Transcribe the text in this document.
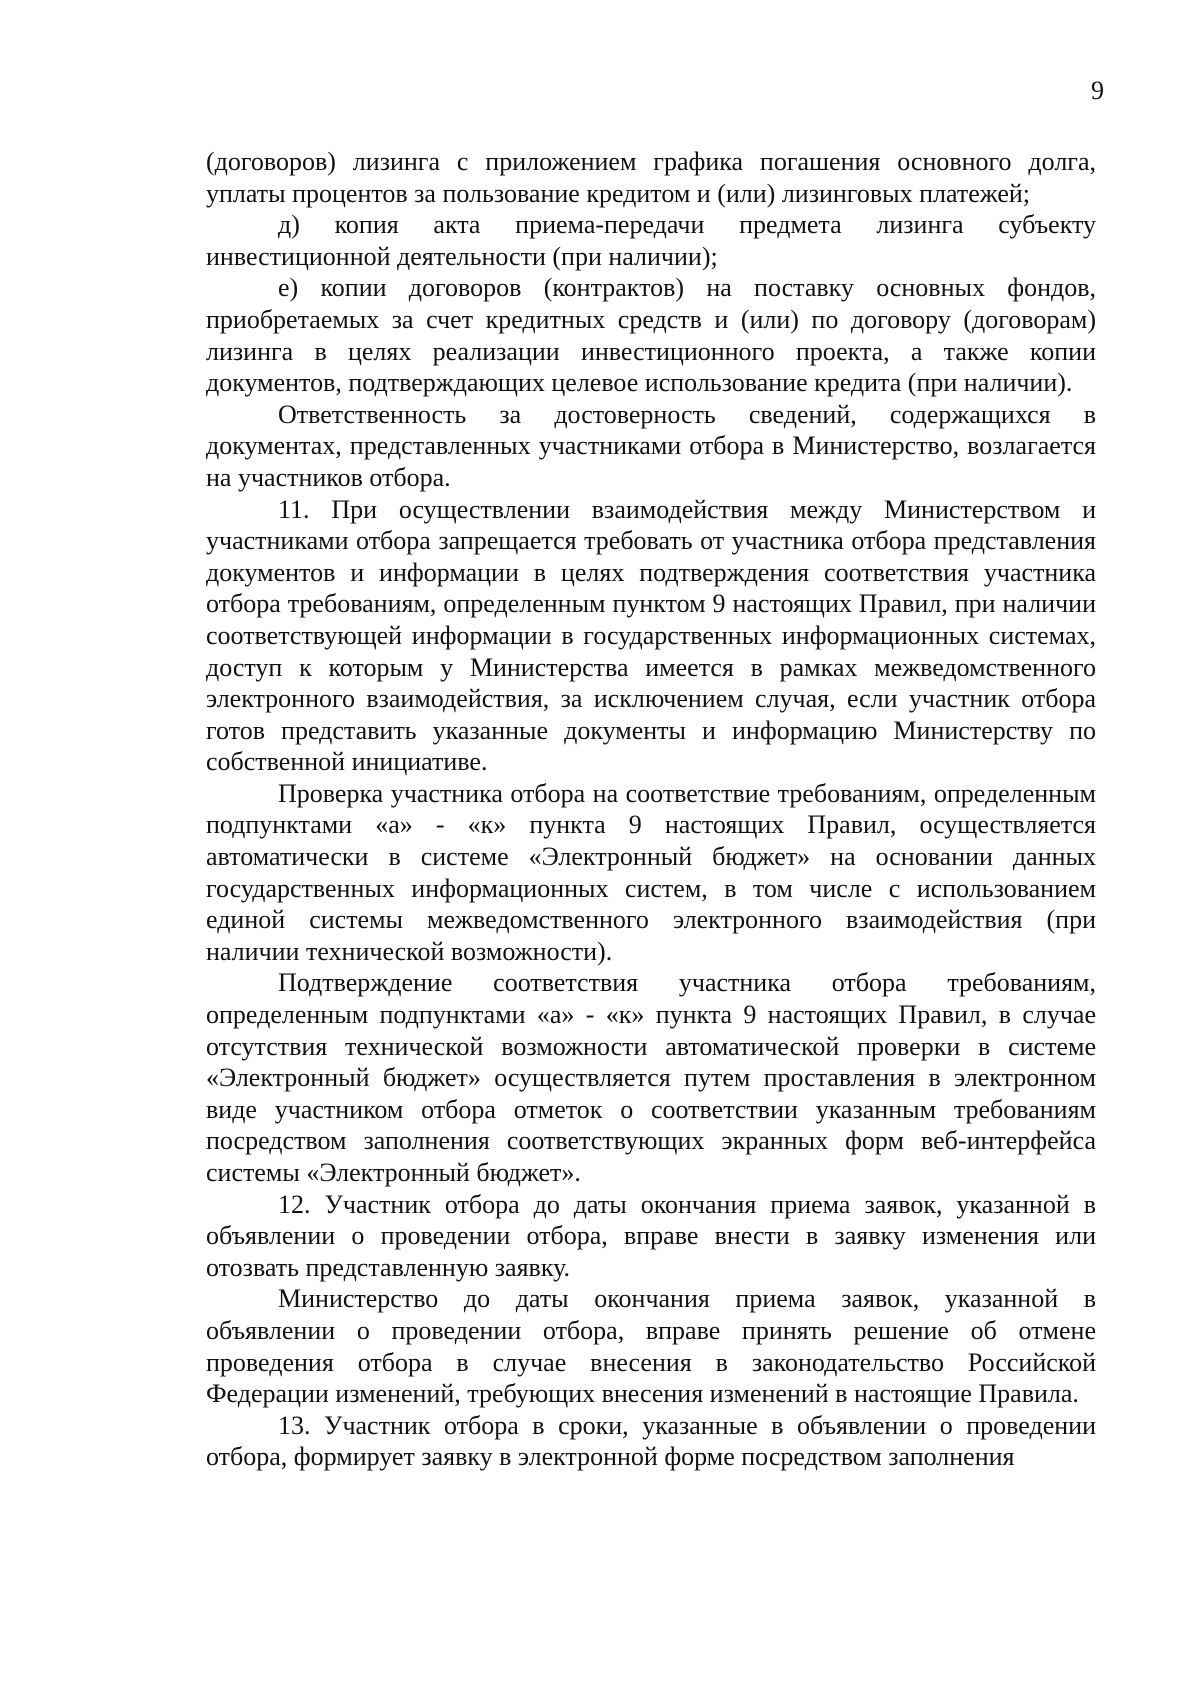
9

(договоров) лизинга с приложением графика погашения основного долга, уплаты процентов за пользование кредитом и (или) лизинговых платежей;

д) копия акта приема-передачи предмета лизинга субъекту инвестиционной деятельности (при наличии);

е) копии договоров (контрактов) на поставку основных фондов, приобретаемых за счет кредитных средств и (или) по договору (договорам) лизинга в целях реализации инвестиционного проекта, а также копии документов, подтверждающих целевое использование кредита (при наличии).

Ответственность за достоверность сведений, содержащихся в документах, представленных участниками отбора в Министерство, возлагается на участников отбора.

11. При осуществлении взаимодействия между Министерством и участниками отбора запрещается требовать от участника отбора представления документов и информации в целях подтверждения соответствия участника отбора требованиям, определенным пунктом 9 настоящих Правил, при наличии соответствующей информации в государственных информационных системах, доступ к которым у Министерства имеется в рамках межведомственного электронного взаимодействия, за исключением случая, если участник отбора готов представить указанные документы и информацию Министерству по собственной инициативе.

Проверка участника отбора на соответствие требованиям, определенным подпунктами «а» - «к» пункта 9 настоящих Правил, осуществляется автоматически в системе «Электронный бюджет» на основании данных государственных информационных систем, в том числе с использованием единой системы межведомственного электронного взаимодействия (при наличии технической возможности).

Подтверждение соответствия участника отбора требованиям, определенным подпунктами «а» - «к» пункта 9 настоящих Правил, в случае отсутствия технической возможности автоматической проверки в системе «Электронный бюджет» осуществляется путем проставления в электронном виде участником отбора отметок о соответствии указанным требованиям посредством заполнения соответствующих экранных форм веб-интерфейса системы «Электронный бюджет».

12. Участник отбора до даты окончания приема заявок, указанной в объявлении о проведении отбора, вправе внести в заявку изменения или отозвать представленную заявку.

Министерство до даты окончания приема заявок, указанной в объявлении о проведении отбора, вправе принять решение об отмене проведения отбора в случае внесения в законодательство Российской Федерации изменений, требующих внесения изменений в настоящие Правила.

13. Участник отбора в сроки, указанные в объявлении о проведении отбора, формирует заявку в электронной форме посредством заполнения
